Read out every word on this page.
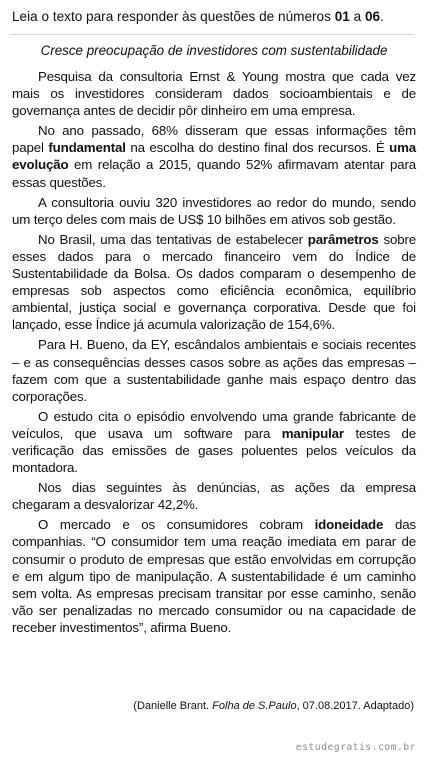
Leia o texto para responder às questões de números 01 a 06.

Cresce preocupação de investidores com sustentabilidade

Pesquisa da consultoria Ernst & Young mostra que cada vez mais os investidores consideram dados socioambientais e de governança antes de decidir pôr dinheiro em uma empresa.

No ano passado, 68% disseram que essas informações têm papel fundamental na escolha do destino final dos recursos. É uma evolução em relação a 2015, quando 52% afirmavam atentar para essas questões.

A consultoria ouviu 320 investidores ao redor do mundo, sendo um terço deles com mais de US$ 10 bilhões em ativos sob gestão.

No Brasil, uma das tentativas de estabelecer parâmetros sobre esses dados para o mercado financeiro vem do Índice de Sustentabilidade da Bolsa. Os dados comparam o desempenho de empresas sob aspectos como eficiência econômica, equilíbrio ambiental, justiça social e governança corporativa. Desde que foi lançado, esse Índice já acumula valorização de 154,6%.

Para H. Bueno, da EY, escândalos ambientais e sociais recentes – e as consequências desses casos sobre as ações das empresas – fazem com que a sustentabilidade ganhe mais espaço dentro das corporações.

O estudo cita o episódio envolvendo uma grande fabricante de veículos, que usava um software para manipular testes de verificação das emissões de gases poluentes pelos veículos da montadora.

Nos dias seguintes às denúncias, as ações da empresa chegaram a desvalorizar 42,2%.

O mercado e os consumidores cobram idoneidade das companhias. “O consumidor tem uma reação imediata em parar de consumir o produto de empresas que estão envolvidas em corrupção e em algum tipo de manipulação. A sustentabilidade é um caminho sem volta. As empresas precisam transitar por esse caminho, senão vão ser penalizadas no mercado consumidor ou na capacidade de receber investimentos”, afirma Bueno.

(Danielle Brant. Folha de S.Paulo, 07.08.2017. Adaptado)

estudegratis.com.br
